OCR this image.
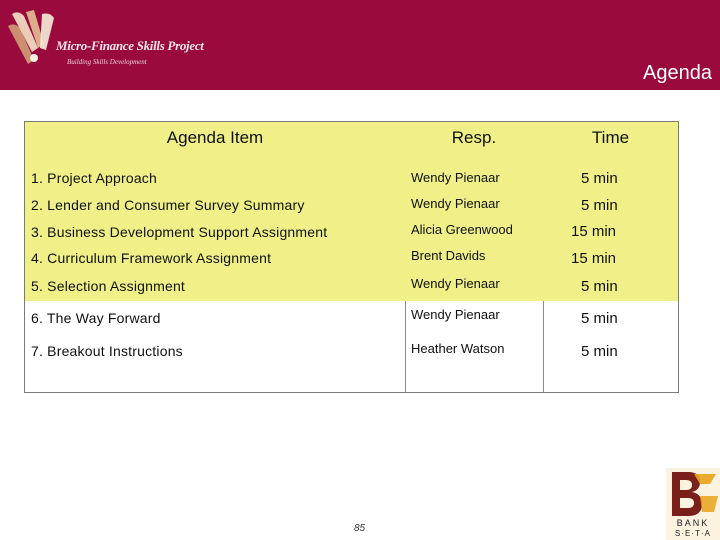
Micro-Finance Skills Project
Building Skills Development	Agenda
Agenda Item	Resp.	Time
1. Project Approach	Wendy Pienaar	5 min
2. Lender and Consumer Survey Summary	Wendy Pienaar	5 min
3. Business Development Support Assignment	Alicia Greenwood	15 min
4. Curriculum Framework Assignment	Brent Davids	15 min
5. Selection Assignment	Wendy Pienaar	5 min
6. The Way Forward	Wendy Pienaar	5 min
7. Breakout Instructions	Heather Watson	5 min
85	BANK
S·E·T·A
